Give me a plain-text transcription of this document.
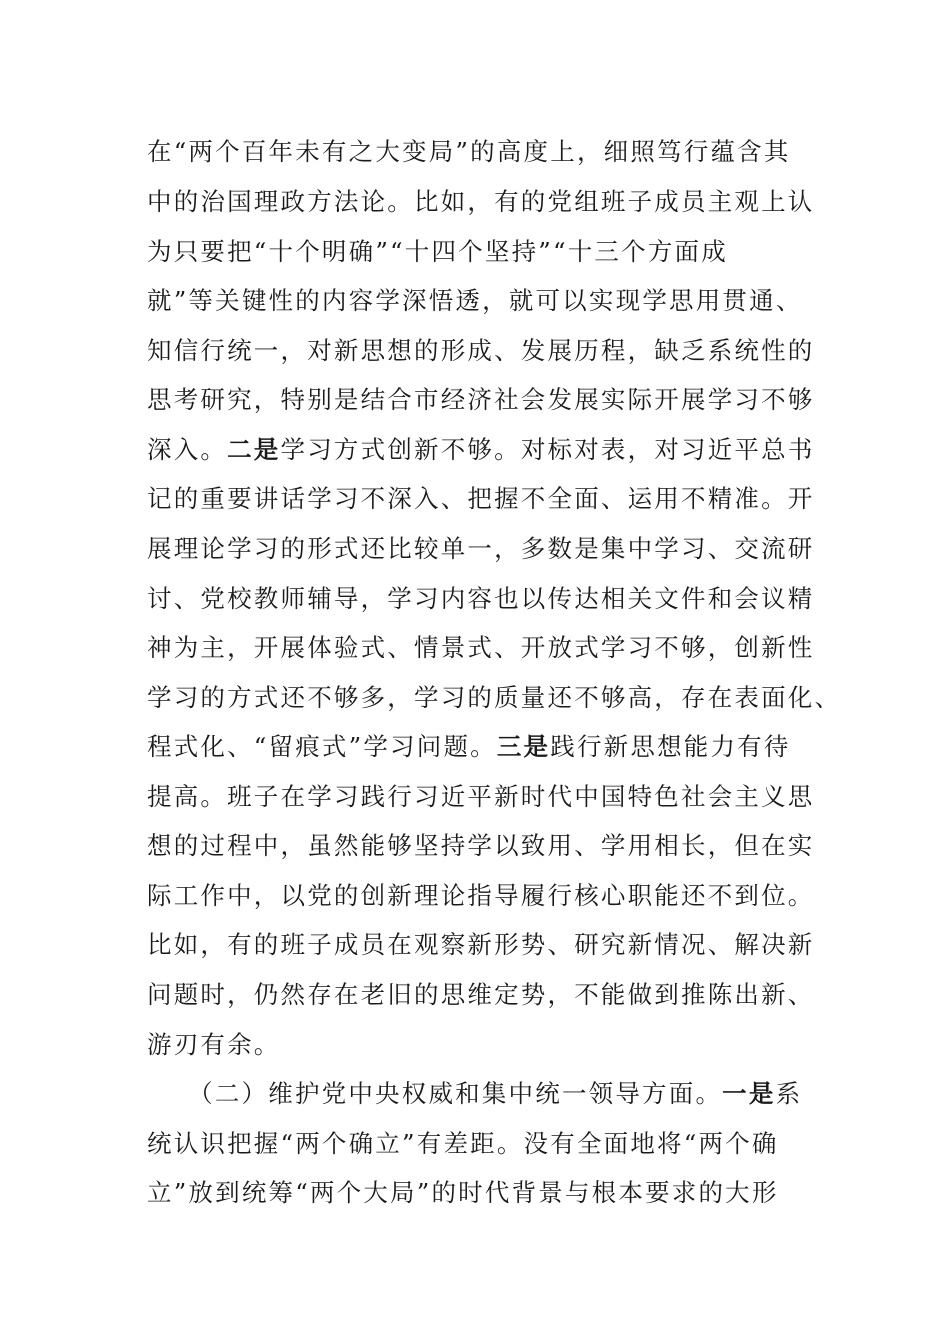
在“两个百年未有之大变局”的高度上，细照笃行蕴含其
中的治国理政方法论。比如，有的党组班子成员主观上认
为只要把“十个明确”“十四个坚持”“十三个方面成
就”等关键性的内容学深悟透，就可以实现学思用贯通、
知信行统一，对新思想的形成、发展历程，缺乏系统性的
思考研究，特别是结合市经济社会发展实际开展学习不够
深入。二是学习方式创新不够。对标对表，对习近平总书
记的重要讲话学习不深入、把握不全面、运用不精准。开
展理论学习的形式还比较单一，多数是集中学习、交流研
讨、党校教师辅导，学习内容也以传达相关文件和会议精
神为主，开展体验式、情景式、开放式学习不够，创新性
学习的方式还不够多，学习的质量还不够高，存在表面化、
程式化、“留痕式”学习问题。三是践行新思想能力有待
提高。班子在学习践行习近平新时代中国特色社会主义思
想的过程中，虽然能够坚持学以致用、学用相长，但在实
际工作中，以党的创新理论指导履行核心职能还不到位。
比如，有的班子成员在观察新形势、研究新情况、解决新
问题时，仍然存在老旧的思维定势，不能做到推陈出新、
游刃有余。
　　（二）维护党中央权威和集中统一领导方面。一是系
统认识把握“两个确立”有差距。没有全面地将“两个确
立”放到统筹“两个大局”的时代背景与根本要求的大形
